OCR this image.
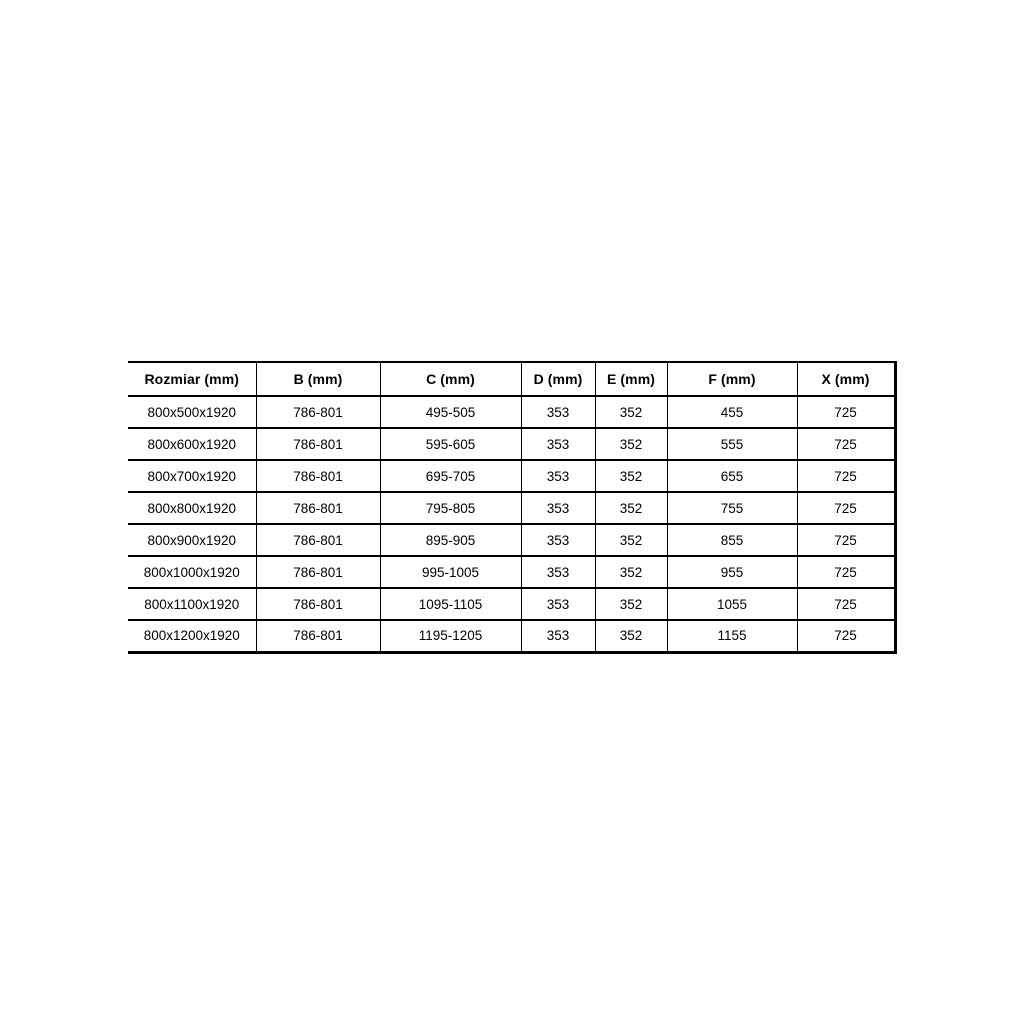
Rozmiar (mm)	B (mm)	C (mm)	D (mm)	E (mm)	F (mm)	X (mm)
800x500x1920	786-801	495-505	353	352	455	725
800x600x1920	786-801	595-605	353	352	555	725
800x700x1920	786-801	695-705	353	352	655	725
800x800x1920	786-801	795-805	353	352	755	725
800x900x1920	786-801	895-905	353	352	855	725
800x1000x1920	786-801	995-1005	353	352	955	725
800x1100x1920	786-801	1095-1105	353	352	1055	725
800x1200x1920	786-801	1195-1205	353	352	1155	725
